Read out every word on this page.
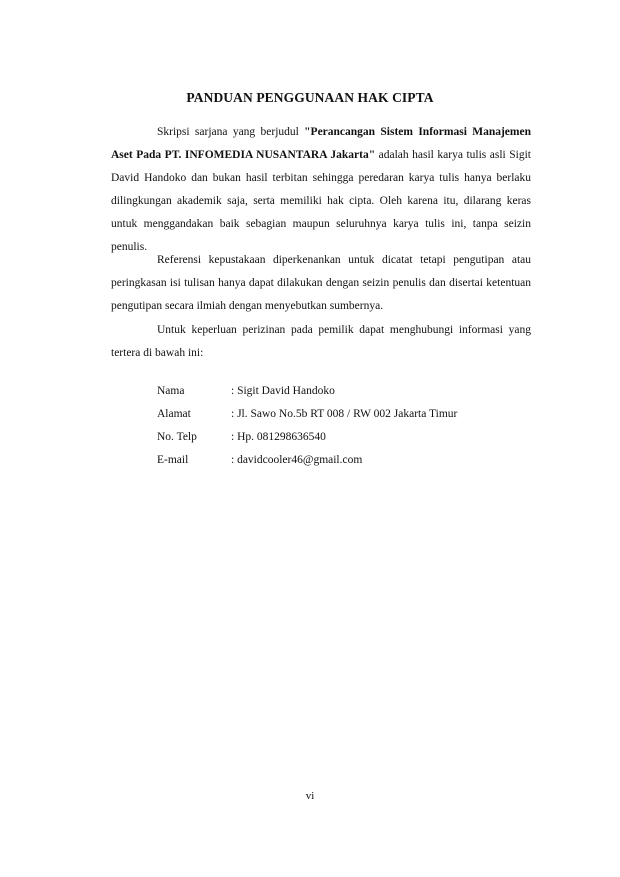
PANDUAN PENGGUNAAN HAK CIPTA

Skripsi sarjana yang berjudul "Perancangan Sistem Informasi Manajemen Aset Pada PT. INFOMEDIA NUSANTARA Jakarta" adalah hasil karya tulis asli Sigit David Handoko dan bukan hasil terbitan sehingga peredaran karya tulis hanya berlaku dilingkungan akademik saja, serta memiliki hak cipta. Oleh karena itu, dilarang keras untuk menggandakan baik sebagian maupun seluruhnya karya tulis ini, tanpa seizin penulis.

Referensi kepustakaan diperkenankan untuk dicatat tetapi pengutipan atau peringkasan isi tulisan hanya dapat dilakukan dengan seizin penulis dan disertai ketentuan pengutipan secara ilmiah dengan menyebutkan sumbernya.

Untuk keperluan perizinan pada pemilik dapat menghubungi informasi yang tertera di bawah ini:

Nama	: Sigit David Handoko
Alamat	: Jl. Sawo No.5b RT 008 / RW 002 Jakarta Timur
No. Telp	: Hp. 081298636540
E-mail	: davidcooler46@gmail.com
vi
